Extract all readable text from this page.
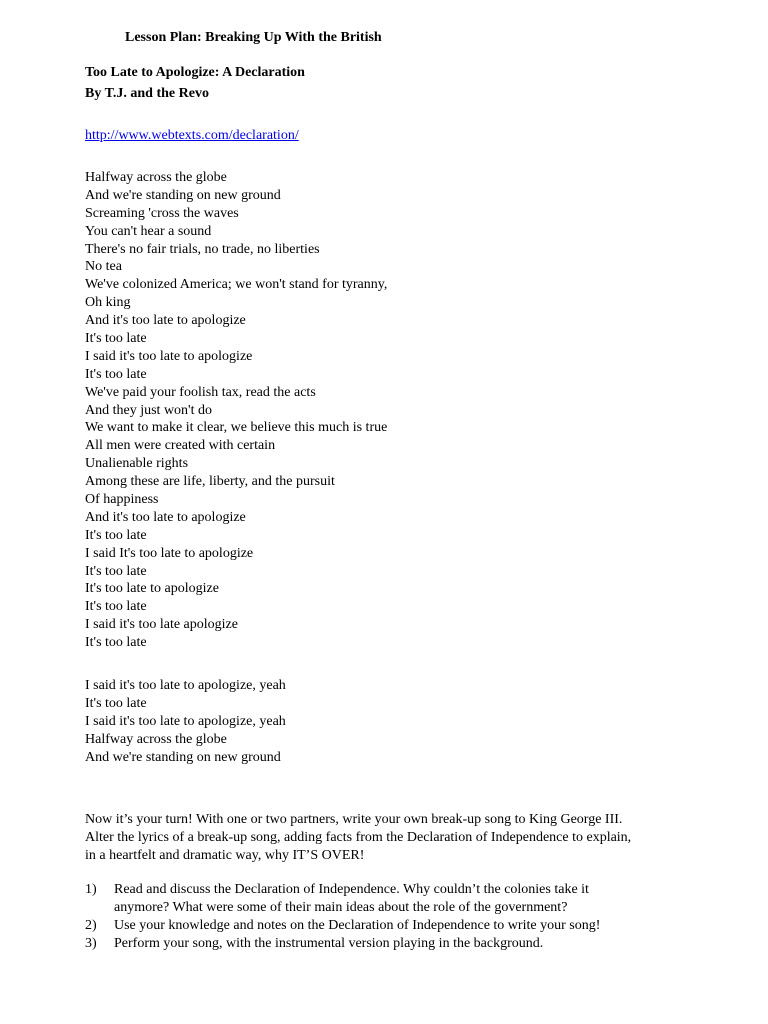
Lesson Plan: Breaking Up With the British
Too Late to Apologize: A Declaration
By T.J. and the Revo
http://www.webtexts.com/declaration/
Halfway across the globe
And we're standing on new ground
Screaming 'cross the waves
You can't hear a sound
There's no fair trials, no trade, no liberties
No tea
We've colonized America; we won't stand for tyranny,
Oh king
And it's too late to apologize
It's too late
I said it's too late to apologize
It's too late
We've paid your foolish tax, read the acts
And they just won't do
We want to make it clear, we believe this much is true
All men were created with certain
Unalienable rights
Among these are life, liberty, and the pursuit
Of happiness
And it's too late to apologize
It's too late
I said It's too late to apologize
It's too late
It's too late to apologize
It's too late
I said it's too late apologize
It's too late
I said it's too late to apologize, yeah
It's too late
I said it's too late to apologize, yeah
Halfway across the globe
And we're standing on new ground
Now it’s your turn! With one or two partners, write your own break-up song to King George III.
Alter the lyrics of a break-up song, adding facts from the Declaration of Independence to explain,
in a heartfelt and dramatic way, why IT’S OVER!
1)	Read and discuss the Declaration of Independence. Why couldn’t the colonies take it
anymore? What were some of their main ideas about the role of the government?
2)	Use your knowledge and notes on the Declaration of Independence to write your song!
3)	Perform your song, with the instrumental version playing in the background.
